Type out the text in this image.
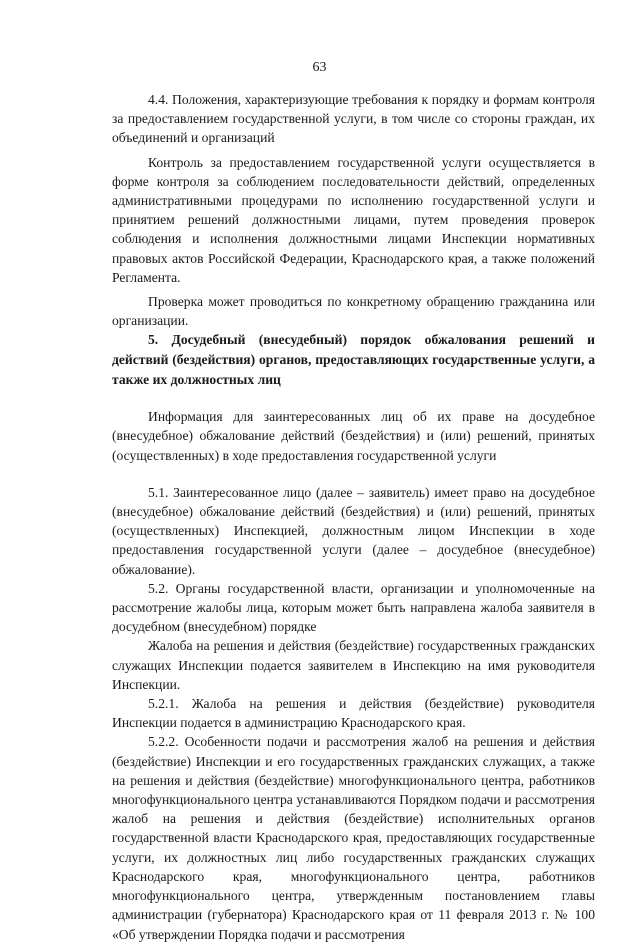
63

4.4. Положения, характеризующие требования к порядку и формам контроля за предоставлением государственной услуги, в том числе со стороны граждан, их объединений и организаций

Контроль за предоставлением государственной услуги осуществляется в форме контроля за соблюдением последовательности действий, определенных административными процедурами по исполнению государственной услуги и принятием решений должностными лицами, путем проведения проверок соблюдения и исполнения должностными лицами Инспекции нормативных правовых актов Российской Федерации, Краснодарского края, а также положений Регламента.

Проверка может проводиться по конкретному обращению гражданина или организации.

5. Досудебный (внесудебный) порядок обжалования решений и действий (бездействия) органов, предоставляющих государственные услуги, а также их должностных лиц

Информация для заинтересованных лиц об их праве на досудебное (внесудебное) обжалование действий (бездействия) и (или) решений, принятых (осуществленных) в ходе предоставления государственной услуги

5.1. Заинтересованное лицо (далее – заявитель) имеет право на досудебное (внесудебное) обжалование действий (бездействия) и (или) решений, принятых (осуществленных) Инспекцией, должностным лицом Инспекции в ходе предоставления государственной услуги (далее – досудебное (внесудебное) обжалование).

5.2. Органы государственной власти, организации и уполномоченные на рассмотрение жалобы лица, которым может быть направлена жалоба заявителя в досудебном (внесудебном) порядке

Жалоба на решения и действия (бездействие) государственных гражданских служащих Инспекции подается заявителем в Инспекцию на имя руководителя Инспекции.

5.2.1. Жалоба на решения и действия (бездействие) руководителя Инспекции подается в администрацию Краснодарского края.

5.2.2. Особенности подачи и рассмотрения жалоб на решения и действия (бездействие) Инспекции и его государственных гражданских служащих, а также на решения и действия (бездействие) многофункционального центра, работников многофункционального центра устанавливаются Порядком подачи и рассмотрения жалоб на решения и действия (бездействие) исполнительных органов государственной власти Краснодарского края, предоставляющих государственные услуги, их должностных лиц либо государственных гражданских служащих Краснодарского края, многофункционального центра, работников многофункционального центра, утвержденным постановлением главы администрации (губернатора) Краснодарского края от 11 февраля 2013 г. № 100 «Об утверждении Порядка подачи и рассмотрения
